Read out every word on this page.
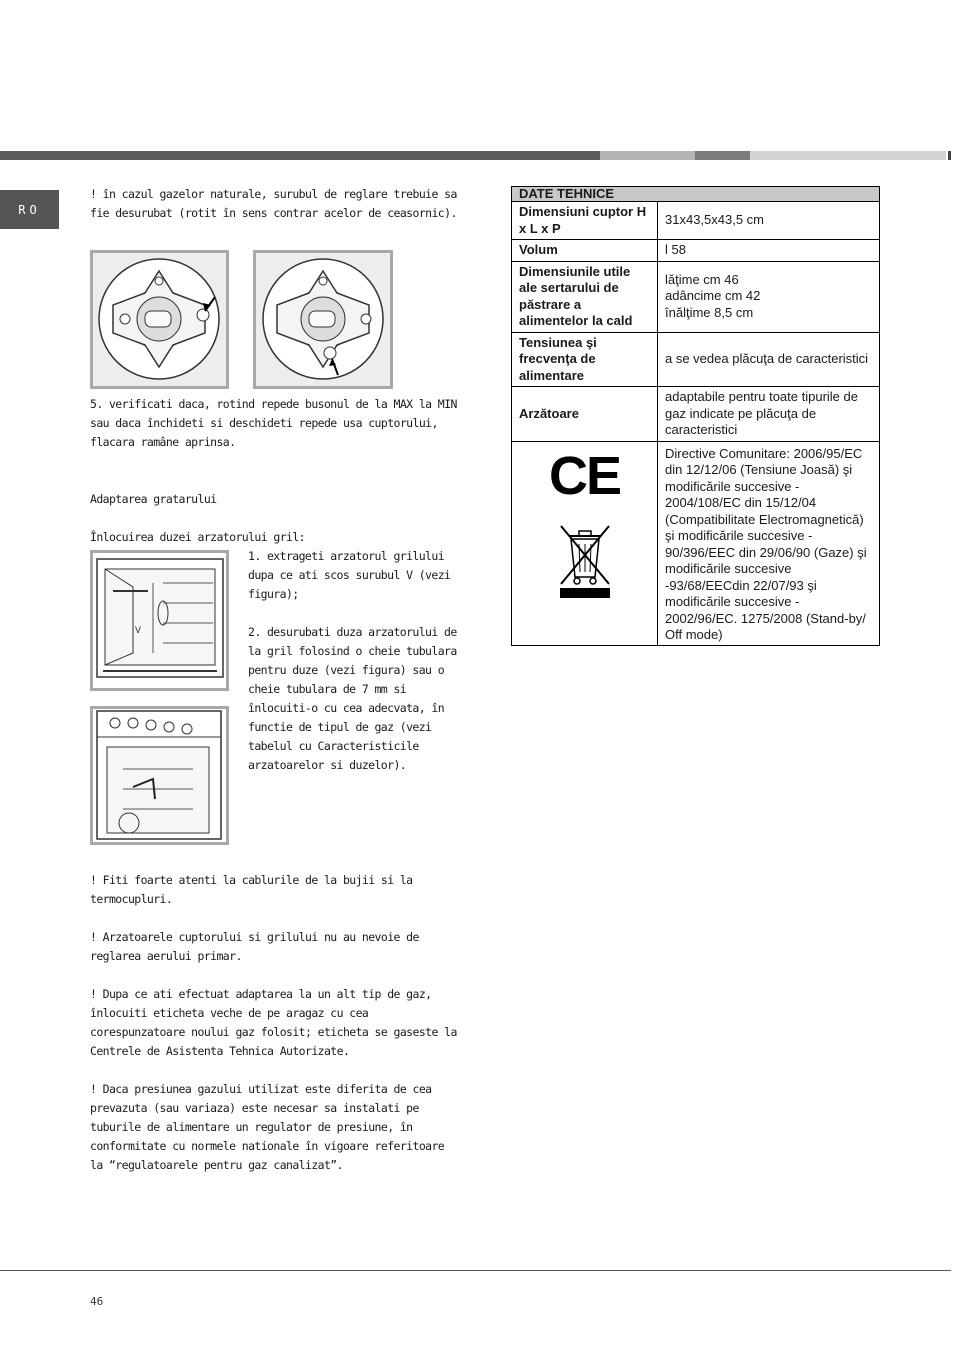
RO
! în cazul gazelor naturale, surubul de reglare trebuie sa fie desurubat (rotit în sens contrar acelor de ceasornic).
5. verificati daca, rotind repede busonul de la MAX la MIN sau daca închideti si deschideti repede usa cuptorului, flacara ramâne aprinsa.
Adaptarea gratarului
Înlocuirea duzei arzatorului gril:
V
1. extrageti arzatorul grilului dupa ce ati scos surubul V (vezi figura);
2. desurubati duza arzatorului de la gril folosind o cheie tubulara pentru duze (vezi figura) sau o cheie tubulara de 7 mm si înlocuiti-o cu cea adecvata, în functie de tipul de gaz (vezi tabelul cu Caracteristicile arzatoarelor si duzelor).
! Fiti foarte atenti la cablurile de la bujii si la termocupluri.
! Arzatoarele cuptorului si grilului nu au nevoie de reglarea aerului primar.
! Dupa ce ati efectuat adaptarea la un alt tip de gaz, înlocuiti eticheta veche de pe aragaz cu cea corespunzatoare noului gaz folosit; eticheta se gaseste la Centrele de Asistenta Tehnica Autorizate.
! Daca presiunea gazului utilizat este diferita de cea prevazuta (sau variaza) este necesar sa instalati pe tuburile de alimentare un regulator de presiune, în conformitate cu normele nationale în vigoare referitoare la “regulatoarele pentru gaz canalizat”.
DATE TEHNICE	
Dimensiuni cuptor H x L x P	31x43,5x43,5 cm
Volum	l 58
Dimensiunile utile ale sertarului de păstrare a alimentelor la cald	lăţime cm 46
adâncime cm 42
înălţime 8,5 cm
Tensiunea şi frecvenţa de alimentare	a se vedea plăcuţa de caracteristici
Arzătoare	adaptabile pentru toate tipurile de gaz indicate pe plăcuţa de caracteristici

CE	Directive Comunitare: 2006/95/EC din 12/12/06 (Tensiune Joasă) şi modificările succesive - 2004/108/EC din 15/12/04 (Compatibilitate Electromagnetică) şi modificările succesive - 90/396/EEC din 29/06/90 (Gaze) şi modificările succesive -93/68/EECdin 22/07/93 şi modificările succesive - 2002/96/EC. 1275/2008 (Stand-by/ Off mode)
46
